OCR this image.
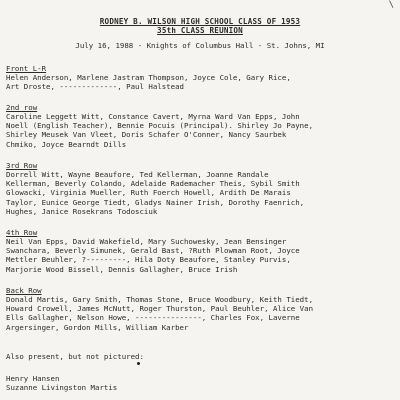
\
RODNEY B. WILSON HIGH SCHOOL CLASS OF 1953
35th CLASS REUNION
July 16, 1988 - Knights of Columbus Hall - St. Johns, MI

Front L-R

Helen Anderson, Marlene Jastram Thompson, Joyce Cole, Gary Rice,

Art Droste, -------------, Paul Halstead

2nd row

Caroline Leggett Witt, Constance Cavert, Myrna Ward Van Epps, John

Noell (English Teacher), Bennie Pocuis (Principal). Shirley Jo Payne,

Shirley Meusek Van Vleet, Doris Schafer O'Conner, Nancy Saurbek

Chmiko, Joyce Bearndt Dills

3rd Row

Dorrell Witt, Wayne Beaufore, Ted Kellerman, Joanne Randale

Kellerman, Beverly Colando, Adelaide Rademacher Theis, Sybil Smith

Glowacki, Virginia Mueller, Ruth Foerch Howell, Ardith De Marais

Taylor, Eunice George Tiedt, Gladys Nainer Irish, Dorothy Faenrich,

Hughes, Janice Rosekrans Todosciuk

4th Row

Neil Van Epps, David Wakefield, Mary Suchowesky, Jean Bensinger

Swanchara, Beverly Simunek, Gerald Bast, ?Ruth Plowman Root, Joyce

Mettler Beuhler, ?---------, Hila Doty Beaufore, Stanley Purvis,

Marjorie Wood Bissell, Dennis Gallagher, Bruce Irish

Back Row

Donald Martis, Gary Smith, Thomas Stone, Bruce Woodbury, Keith Tiedt,

Howard Crowell, James McNutt, Roger Thurston, Paul Beuhler, Alice Van

Ells Gallagher, Nelson Howe, ---------------, Charles Fox, Laverne

Argersinger, Gordon Mills, William Karber

Also present, but not pictured:

Henry Hansen

Suzanne Livingston Martis
